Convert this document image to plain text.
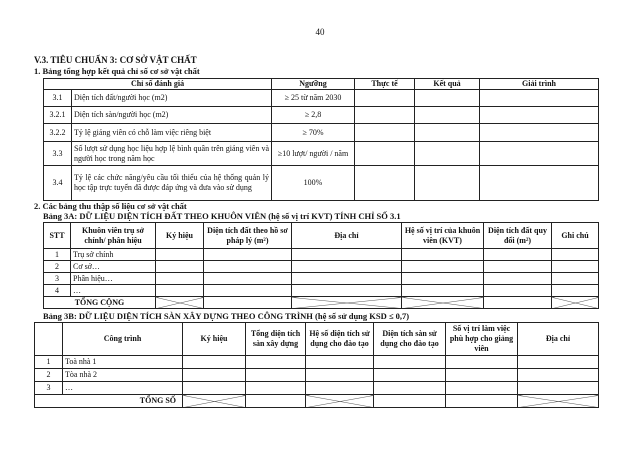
40
V.3. TIÊU CHUẨN 3: CƠ SỞ VẬT CHẤT
1. Bảng tổng hợp kết quả chỉ số cơ sở vật chất
Chỉ số đánh giá		Ngưỡng	Thực tế	Kết quả	Giải trình
3.1	Diện tích đất/người học (m2)	≥ 25 từ năm 2030			
3.2.1	Diện tích sàn/người học (m2)	≥ 2,8			
3.2.2	Tỷ lệ giảng viên có chỗ làm việc riêng biệt	≥ 70%			
3.3	Số lượt sử dụng học liệu hợp lệ bình quân trên giảng viên và người học trong năm học	≥10 lượt/ người / năm			
3.4	Tỷ lệ các chức năng/yêu cầu tối thiểu của hệ thống quản lý học tập trực tuyến đã được đáp ứng và đưa vào sử dụng	100%			
2. Các bảng thu thập số liệu cơ sở vật chất
Bảng 3A: DỮ LIỆU DIỆN TÍCH ĐẤT THEO KHUÔN VIÊN (hệ số vị trí KVT) TÍNH CHỈ SỐ 3.1
STT	Khuôn viên trụ sở chính/ phân hiệu	Ký hiệu	Diện tích đất theo hồ sơ pháp lý (m²)	Địa chỉ	Hệ số vị trí của khuôn viên (KVT)	Diện tích đất quy đổi (m²)	Ghi chú
1	Trụ sở chính						
2	Cơ sở…						
3	Phân hiệu…						
4	…						
TỔNG CỘNG							
Bảng 3B: DỮ LIỆU DIỆN TÍCH SÀN XÂY DỰNG THEO CÔNG TRÌNH (hệ số sử dụng KSD ≤ 0,7)
	Công trình	Ký hiệu	Tổng diện tích sàn xây dựng	Hệ số diện tích sử dụng cho đào tạo	Diện tích sàn sử dụng cho đào tạo	Số vị trí làm việc phù hợp cho giảng viên	Địa chỉ
1	Toà nhà 1						
2	Tòa nhà 2						
3	…						
TỔNG SỐ							
